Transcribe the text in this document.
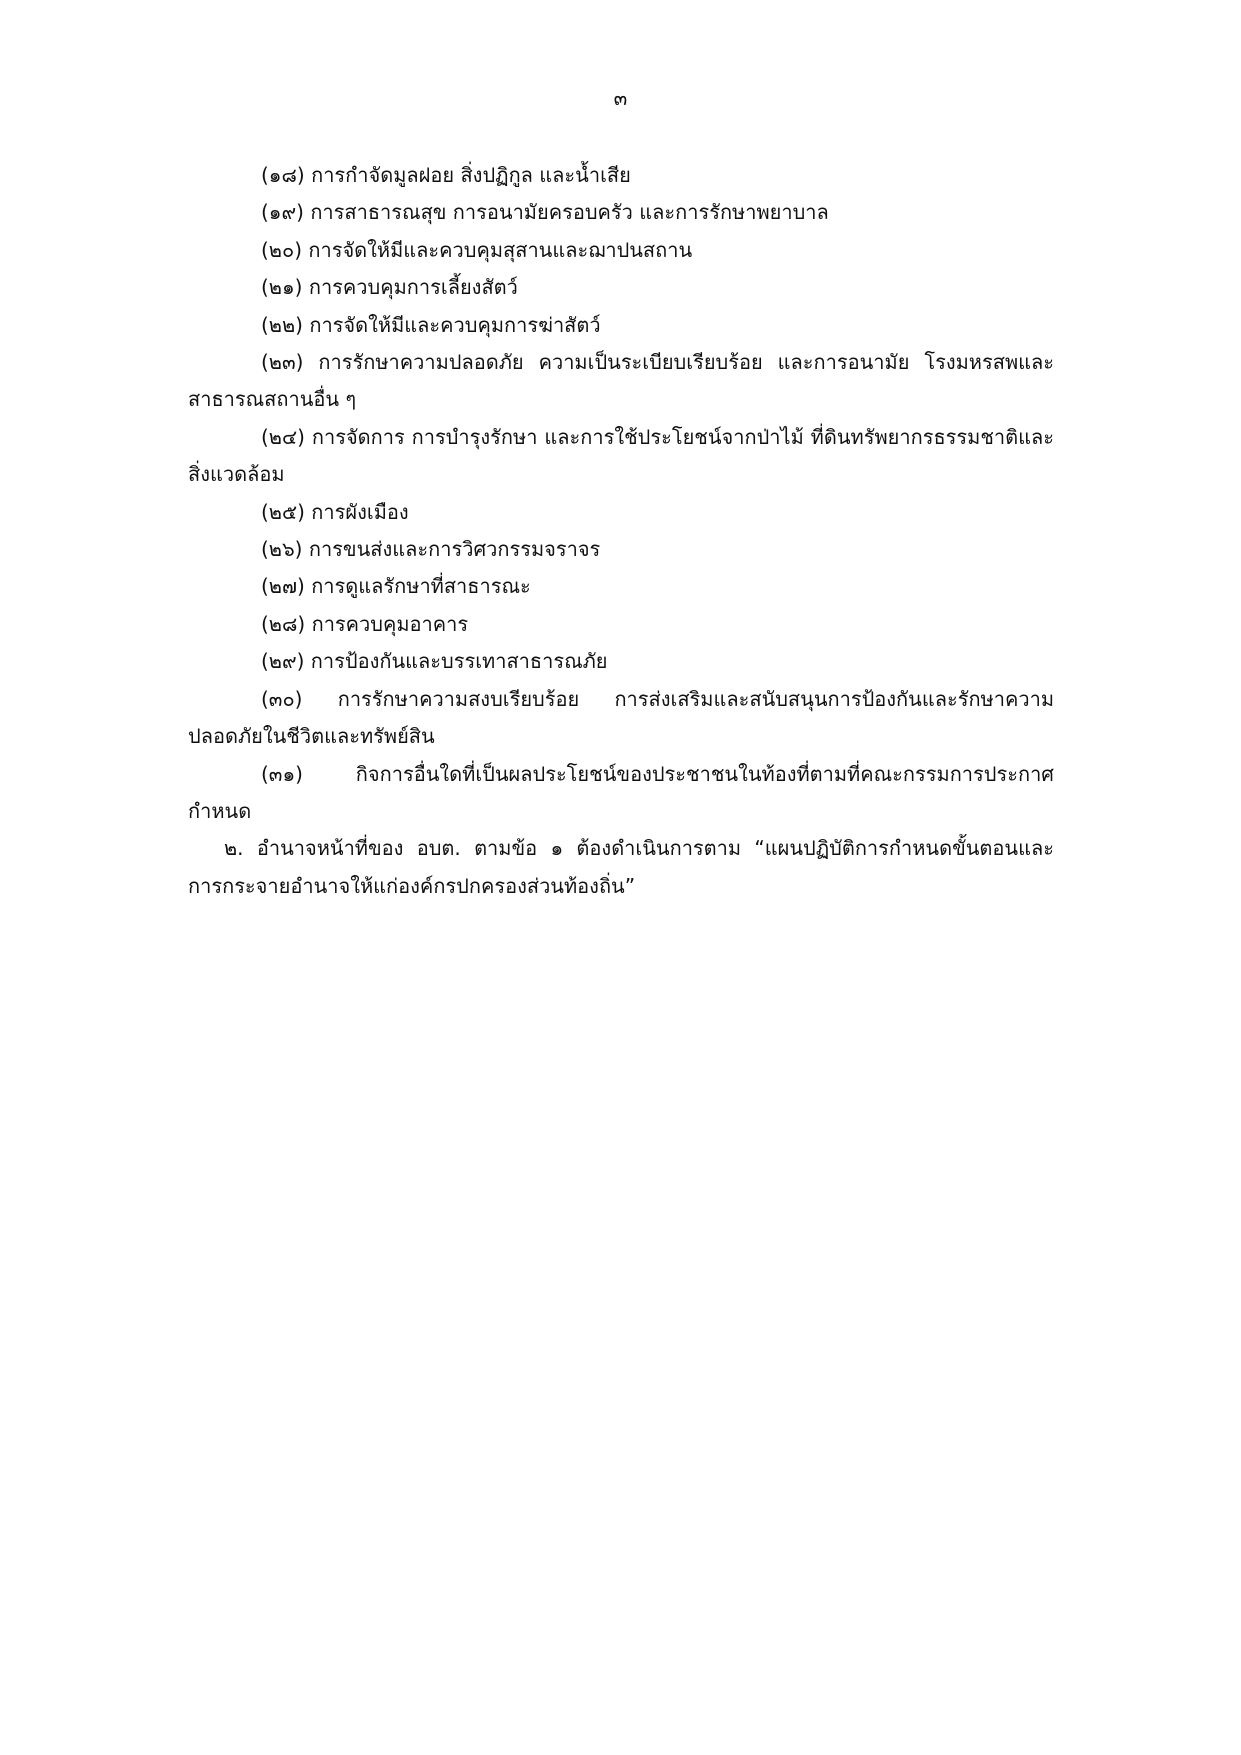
๓

(๑๘) การกำจัดมูลฝอย สิ่งปฏิกูล และน้ำเสีย

(๑๙) การสาธารณสุข การอนามัยครอบครัว และการรักษาพยาบาล

(๒๐) การจัดให้มีและควบคุมสุสานและฌาปนสถาน

(๒๑) การควบคุมการเลี้ยงสัตว์

(๒๒) การจัดให้มีและควบคุมการฆ่าสัตว์

(๒๓) การรักษาความปลอดภัย ความเป็นระเบียบเรียบร้อย และการอนามัย โรงมหรสพและสาธารณสถานอื่น ๆ

(๒๔) การจัดการ การบำรุงรักษา และการใช้ประโยชน์จากป่าไม้ ที่ดินทรัพยากรธรรมชาติและสิ่งแวดล้อม

(๒๕) การผังเมือง

(๒๖) การขนส่งและการวิศวกรรมจราจร

(๒๗) การดูแลรักษาที่สาธารณะ

(๒๘) การควบคุมอาคาร

(๒๙) การป้องกันและบรรเทาสาธารณภัย

(๓๐) การรักษาความสงบเรียบร้อย การส่งเสริมและสนับสนุนการป้องกันและรักษาความปลอดภัยในชีวิตและทรัพย์สิน

(๓๑)	กิจการอื่นใดที่เป็นผลประโยชน์ของประชาชนในท้องที่ตามที่คณะกรรมการประกาศกำหนด

๒. อำนาจหน้าที่ของ อบต. ตามข้อ ๑ ต้องดำเนินการตาม “แผนปฏิบัติการกำหนดขั้นตอนและการกระจายอำนาจให้แก่องค์กรปกครองส่วนท้องถิ่น”
